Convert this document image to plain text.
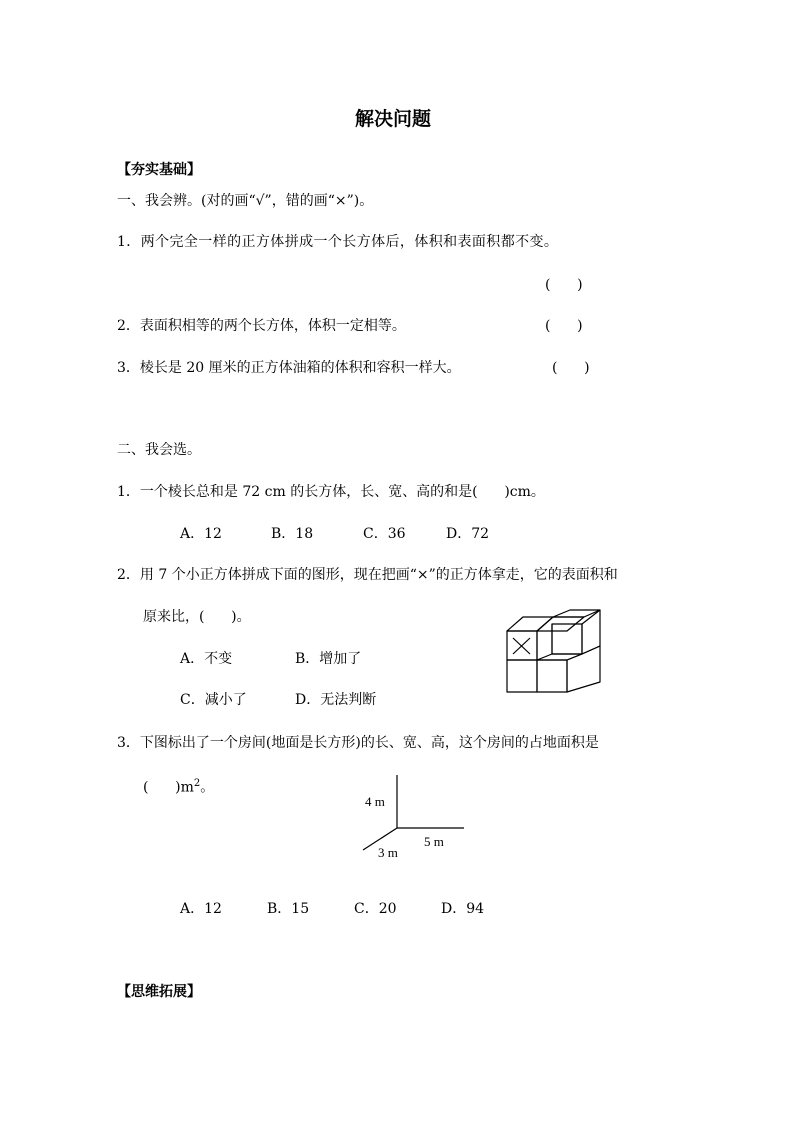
解决问题
【夯实基础】
一、我会辨。(对的画“√”，错的画“×”)。
1．两个完全一样的正方体拼成一个长方体后，体积和表面积都不变。
(      )
2．表面积相等的两个长方体，体积一定相等。	(      )
3．棱长是 20 厘米的正方体油箱的体积和容积一样大。	(      )
二、我会选。
1．一个棱长总和是 72 cm 的长方体，长、宽、高的和是(      )cm。
A．12	B．18	C．36	D．72
2．用 7 个小正方体拼成下面的图形，现在把画“×”的正方体拿走，它的表面积和
原来比，(      )。
A．不变	B．增加了
C．减小了	D．无法判断
3．下图标出了一个房间(地面是长方形)的长、宽、高，这个房间的占地面积是
(      )$m^2$。
4 m
3 m
5 m
A．12	B．15	C．20	D．94
【思维拓展】
